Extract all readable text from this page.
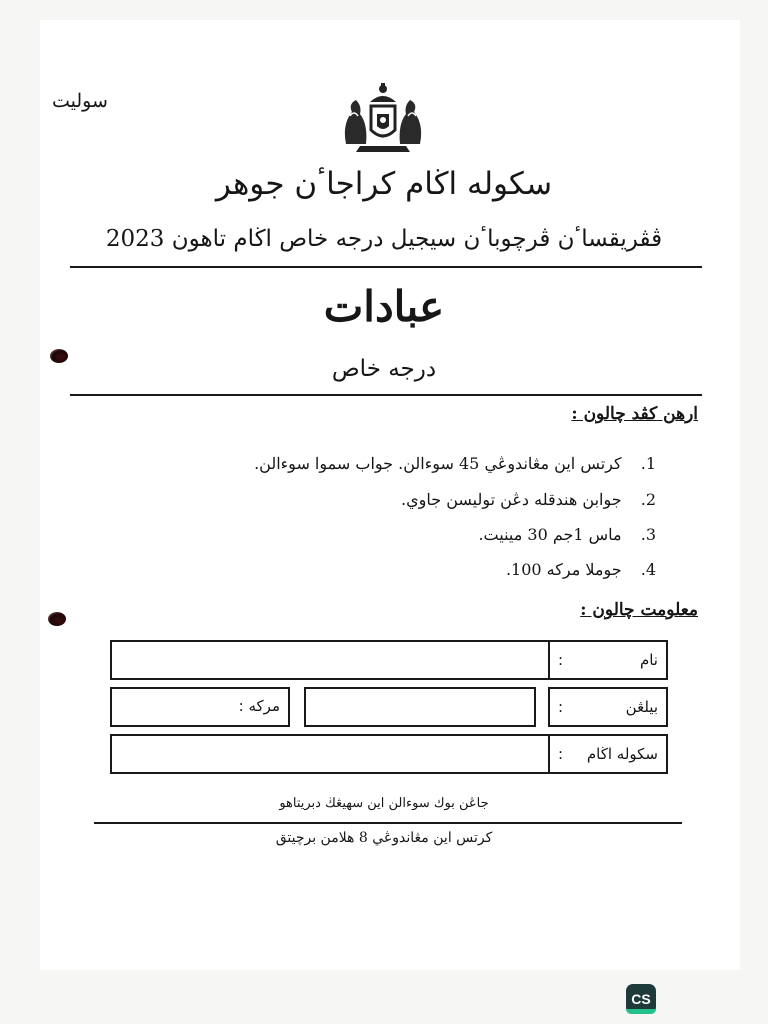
سوليت
سكوله اڬام كراجاٴن جوهر
ڤڤريقساٴن ڤرچوباٴن سيجيل درجه خاص اڬام تاهون 2023
عبادات
درجه خاص
ارهن كڤد چالون :
1. كرتس اين مڠاندوڠي 45 سوءالن. جواب سموا سوءالن.
2. جوابن هندقله دڠن توليسن جاوي.
3. ماس 1جم 30 مينيت.
4. جوملا مركه 100.
معلومت چالون :
نام
:
بيلڠن
:
مركه :
سكوله اڬام
:
جاڠن بوك سوءالن اين سهيڠڬ دبريتاهو
كرتس اين مڠاندوڠي 8 هلامن برچيتق
CS
